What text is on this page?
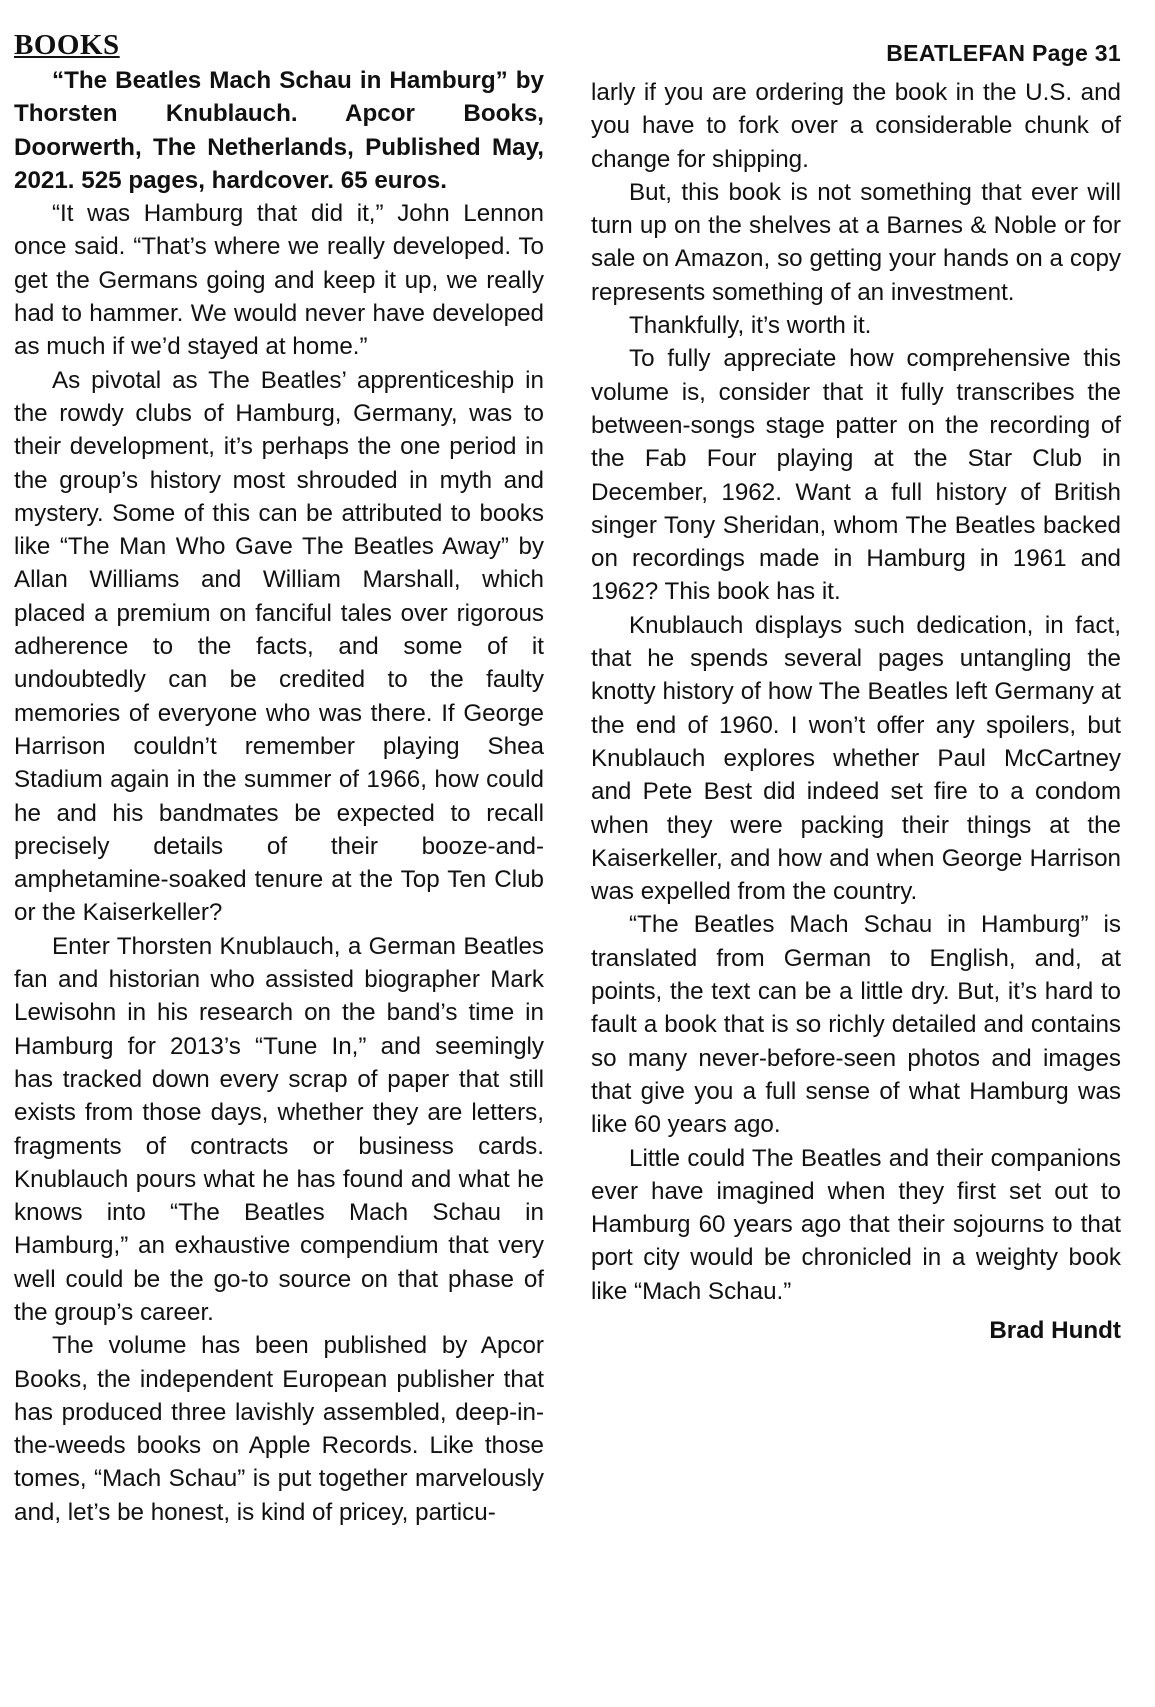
BEATLEFAN Page 31
BOOKS

“The Beatles Mach Schau in Hamburg” by Thorsten Knublauch. Apcor Books, Doorwerth, The Netherlands, Published May, 2021. 525 pages, hardcover. 65 euros.

“It was Hamburg that did it,” John Lennon once said. “That’s where we really developed. To get the Germans going and keep it up, we really had to hammer. We would never have developed as much if we’d stayed at home.”

As pivotal as The Beatles’ apprenticeship in the rowdy clubs of Hamburg, Germany, was to their development, it’s perhaps the one period in the group’s history most shrouded in myth and mystery. Some of this can be attributed to books like “The Man Who Gave The Beatles Away” by Allan Williams and William Marshall, which placed a premium on fanciful tales over rigorous adherence to the facts, and some of it undoubtedly can be credited to the faulty memories of everyone who was there. If George Harrison couldn’t remember playing Shea Stadium again in the summer of 1966, how could he and his bandmates be expected to recall precisely details of their booze-and-amphetamine-soaked tenure at the Top Ten Club or the Kaiserkeller?

Enter Thorsten Knublauch, a German Beatles fan and historian who assisted biographer Mark Lewisohn in his research on the band’s time in Hamburg for 2013’s “Tune In,” and seemingly has tracked down every scrap of paper that still exists from those days, whether they are letters, fragments of contracts or business cards. Knublauch pours what he has found and what he knows into “The Beatles Mach Schau in Hamburg,” an exhaustive compendium that very well could be the go-to source on that phase of the group’s career.

The volume has been published by Apcor Books, the independent European publisher that has produced three lavishly assembled, deep-in-the-weeds books on Apple Records. Like those tomes, “Mach Schau” is put together marvelously and, let’s be honest, is kind of pricey, particu-

larly if you are ordering the book in the U.S. and you have to fork over a considerable chunk of change for shipping.

But, this book is not something that ever will turn up on the shelves at a Barnes & Noble or for sale on Amazon, so getting your hands on a copy represents something of an investment.

Thankfully, it’s worth it.

To fully appreciate how comprehensive this volume is, consider that it fully transcribes the between-songs stage patter on the recording of the Fab Four playing at the Star Club in December, 1962. Want a full history of British singer Tony Sheridan, whom The Beatles backed on recordings made in Hamburg in 1961 and 1962? This book has it.

Knublauch displays such dedication, in fact, that he spends several pages untangling the knotty history of how The Beatles left Germany at the end of 1960. I won’t offer any spoilers, but Knublauch explores whether Paul McCartney and Pete Best did indeed set fire to a condom when they were packing their things at the Kaiserkeller, and how and when George Harrison was expelled from the country.

“The Beatles Mach Schau in Hamburg” is translated from German to English, and, at points, the text can be a little dry. But, it’s hard to fault a book that is so richly detailed and contains so many never-before-seen photos and images that give you a full sense of what Hamburg was like 60 years ago.

Little could The Beatles and their companions ever have imagined when they first set out to Hamburg 60 years ago that their sojourns to that port city would be chronicled in a weighty book like “Mach Schau.”

Brad Hundt
